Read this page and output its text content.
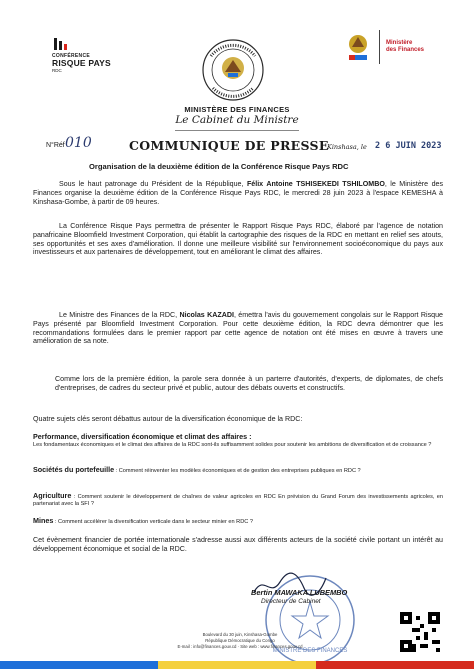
CONFÉRENCE
RISQUE PAYS
RDC
Ministère
des Finances
MINISTÈRE DES FINANCES
Le Cabinet du Ministre
N°Réf 010	COMMUNIQUE DE PRESSE
Kinshasa, le 2 6 JUIN 2023
Organisation de la deuxième édition de la Conférence Risque Pays RDC

Sous le haut patronage du Président de la République, Félix Antoine TSHISEKEDI TSHILOMBO, le Ministère des Finances organise la deuxième édition de la Conférence Risque Pays RDC, le mercredi 28 juin 2023 à l'espace KEMESHA à Kinshasa-Gombe, à partir de 09 heures.

La Conférence Risque Pays permettra de présenter le Rapport Risque Pays RDC, élaboré par l'agence de notation panafricaine Bloomfield Investment Corporation, qui établit la cartographie des risques de la RDC en mettant en relief ses atouts, ses opportunités et ses axes d'amélioration. Il donne une meilleure visibilité sur l'environnement socioéconomique du pays aux investisseurs et aux partenaires de développement, tout en améliorant le climat des affaires.

Le Ministre des Finances de la RDC, Nicolas KAZADI, émettra l'avis du gouvernement congolais sur le Rapport Risque Pays présenté par Bloomfield Investment Corporation. Pour cette deuxième édition, la RDC devra démontrer que les recommandations formulées dans le premier rapport par cette agence de notation ont été mises en œuvre à travers une amélioration de sa note.

Comme lors de la première édition, la parole sera donnée à un parterre d'autorités, d'experts, de diplomates, de chefs d'entreprises, de cadres du secteur privé et public, autour des débats ouverts et constructifs.

Quatre sujets clés seront débattus autour de la diversification économique de la RDC:

Performance, diversification économique et climat des affaires :

Les fondamentaux économiques et le climat des affaires de la RDC sont-ils suffisamment solides pour soutenir les ambitions de diversification et de croissance ?

Sociétés du portefeuille : Comment réinventer les modèles économiques et de gestion des entreprises publiques en RDC ?

Agriculture : Comment soutenir le développement de chaînes de valeur agricoles en RDC En prévision du Grand Forum des investissements agricoles, en partenariat avec la SFI ?

Mines : Comment accélérer la diversification verticale dans le secteur minier en RDC ?

Cet évènement financier de portée internationale s'adresse aussi aux différents acteurs de la société civile portant un intérêt au développement économique et social de la RDC.

MINISTRE DES FINANCES
Bertin MAWAKA LUBEMBO
Directeur de Cabinet
Boulevard du 30 juin, Kinshasa-Gombe
République Démocratique du Congo
E-mail : info@finances.gouv.cd · Site web : www.finances.gouv.cd
